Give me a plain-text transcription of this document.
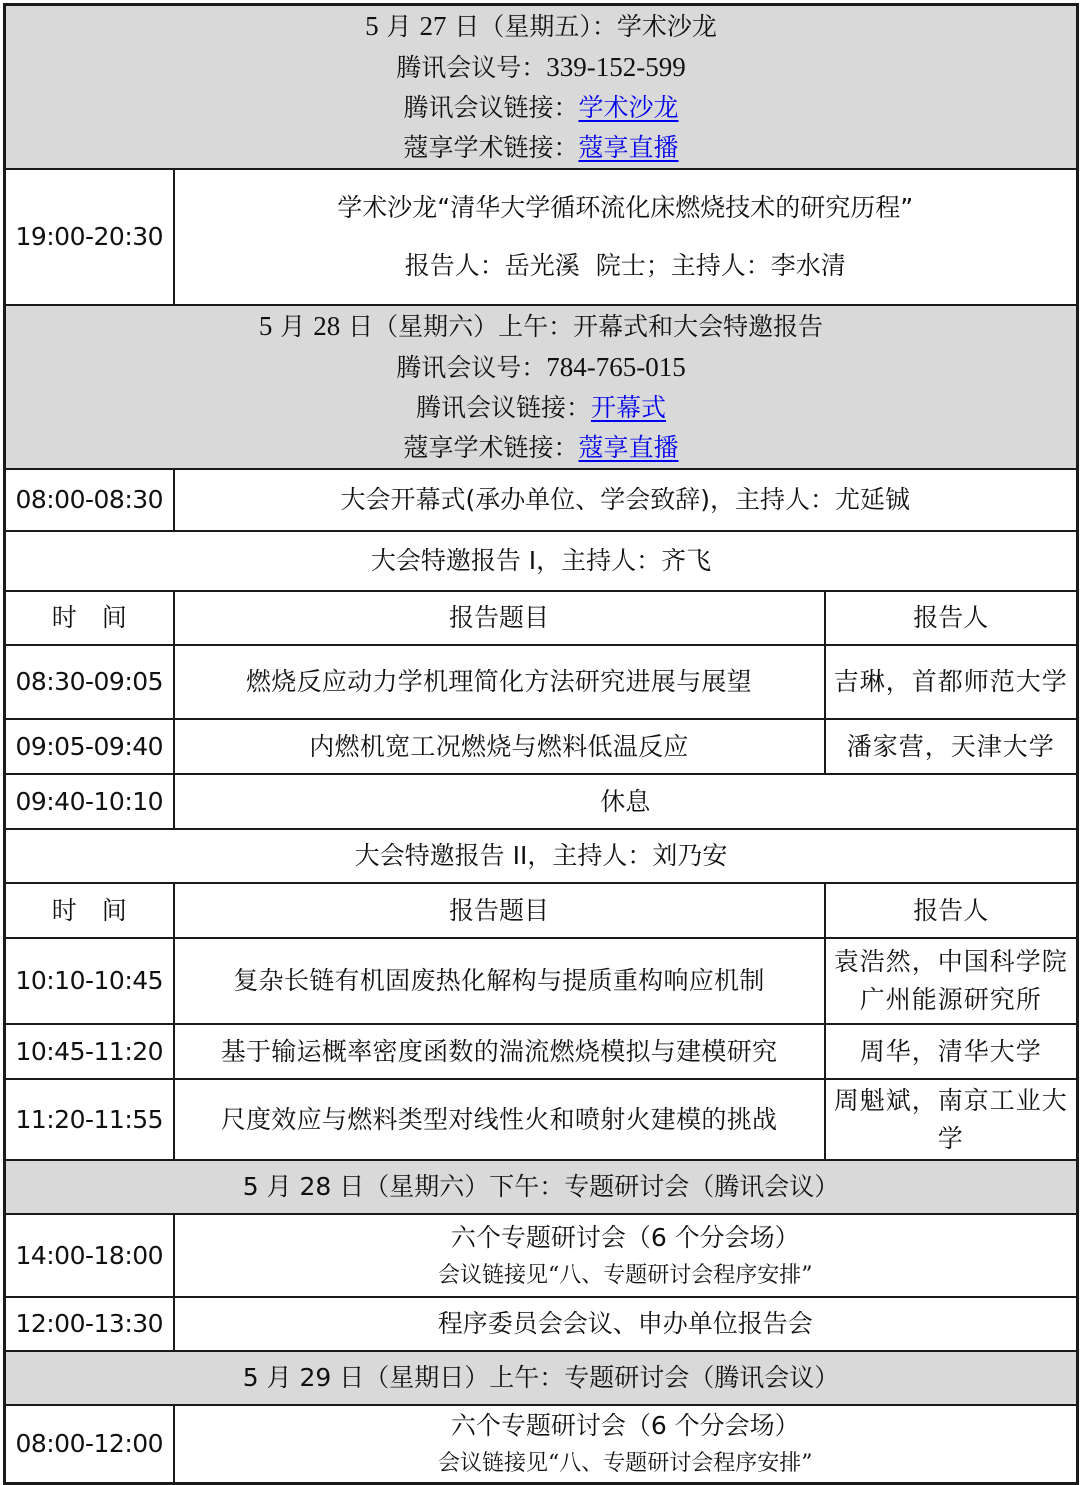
5 月 27 日（星期五）：学术沙龙
腾讯会议号：339-152-599
腾讯会议链接：学术沙龙
蔻享学术链接：蔻享直播		

19:00-20:30	学术沙龙“清华大学循环流化床燃烧技术的研究历程”
报告人：岳光溪  院士；主持人：李水清	

5 月 28 日（星期六）上午：开幕式和大会特邀报告
腾讯会议号：784-765-015
腾讯会议链接：开幕式
蔻享学术链接：蔻享直播		

08:00-08:30	大会开幕式(承办单位、学会致辞)，主持人：尤延铖	
大会特邀报告 I，主持人：齐飞		
时　间	报告题目	报告人
08:30-09:05	燃烧反应动力学机理简化方法研究进展与展望	吉琳，首都师范大学
09:05-09:40	内燃机宽工况燃烧与燃料低温反应	潘家营，天津大学
09:40-10:10	休息	
大会特邀报告 II，主持人：刘乃安		
时　间	报告题目	报告人
10:10-10:45	复杂长链有机固废热化解构与提质重构响应机制	袁浩然，中国科学院广州能源研究所
10:45-11:20	基于输运概率密度函数的湍流燃烧模拟与建模研究	周华，清华大学
11:20-11:55	尺度效应与燃料类型对线性火和喷射火建模的挑战	周魁斌，南京工业大学
5 月 28 日（星期六）下午：专题研讨会（腾讯会议）		
14:00-18:00	六个专题研讨会（6 个分会场）
会议链接见“八、专题研讨会程序安排”	

12:00-13:30	程序委员会会议、申办单位报告会	
5 月 29 日（星期日）上午：专题研讨会（腾讯会议）		
08:00-12:00	六个专题研讨会（6 个分会场）
会议链接见“八、专题研讨会程序安排”	
